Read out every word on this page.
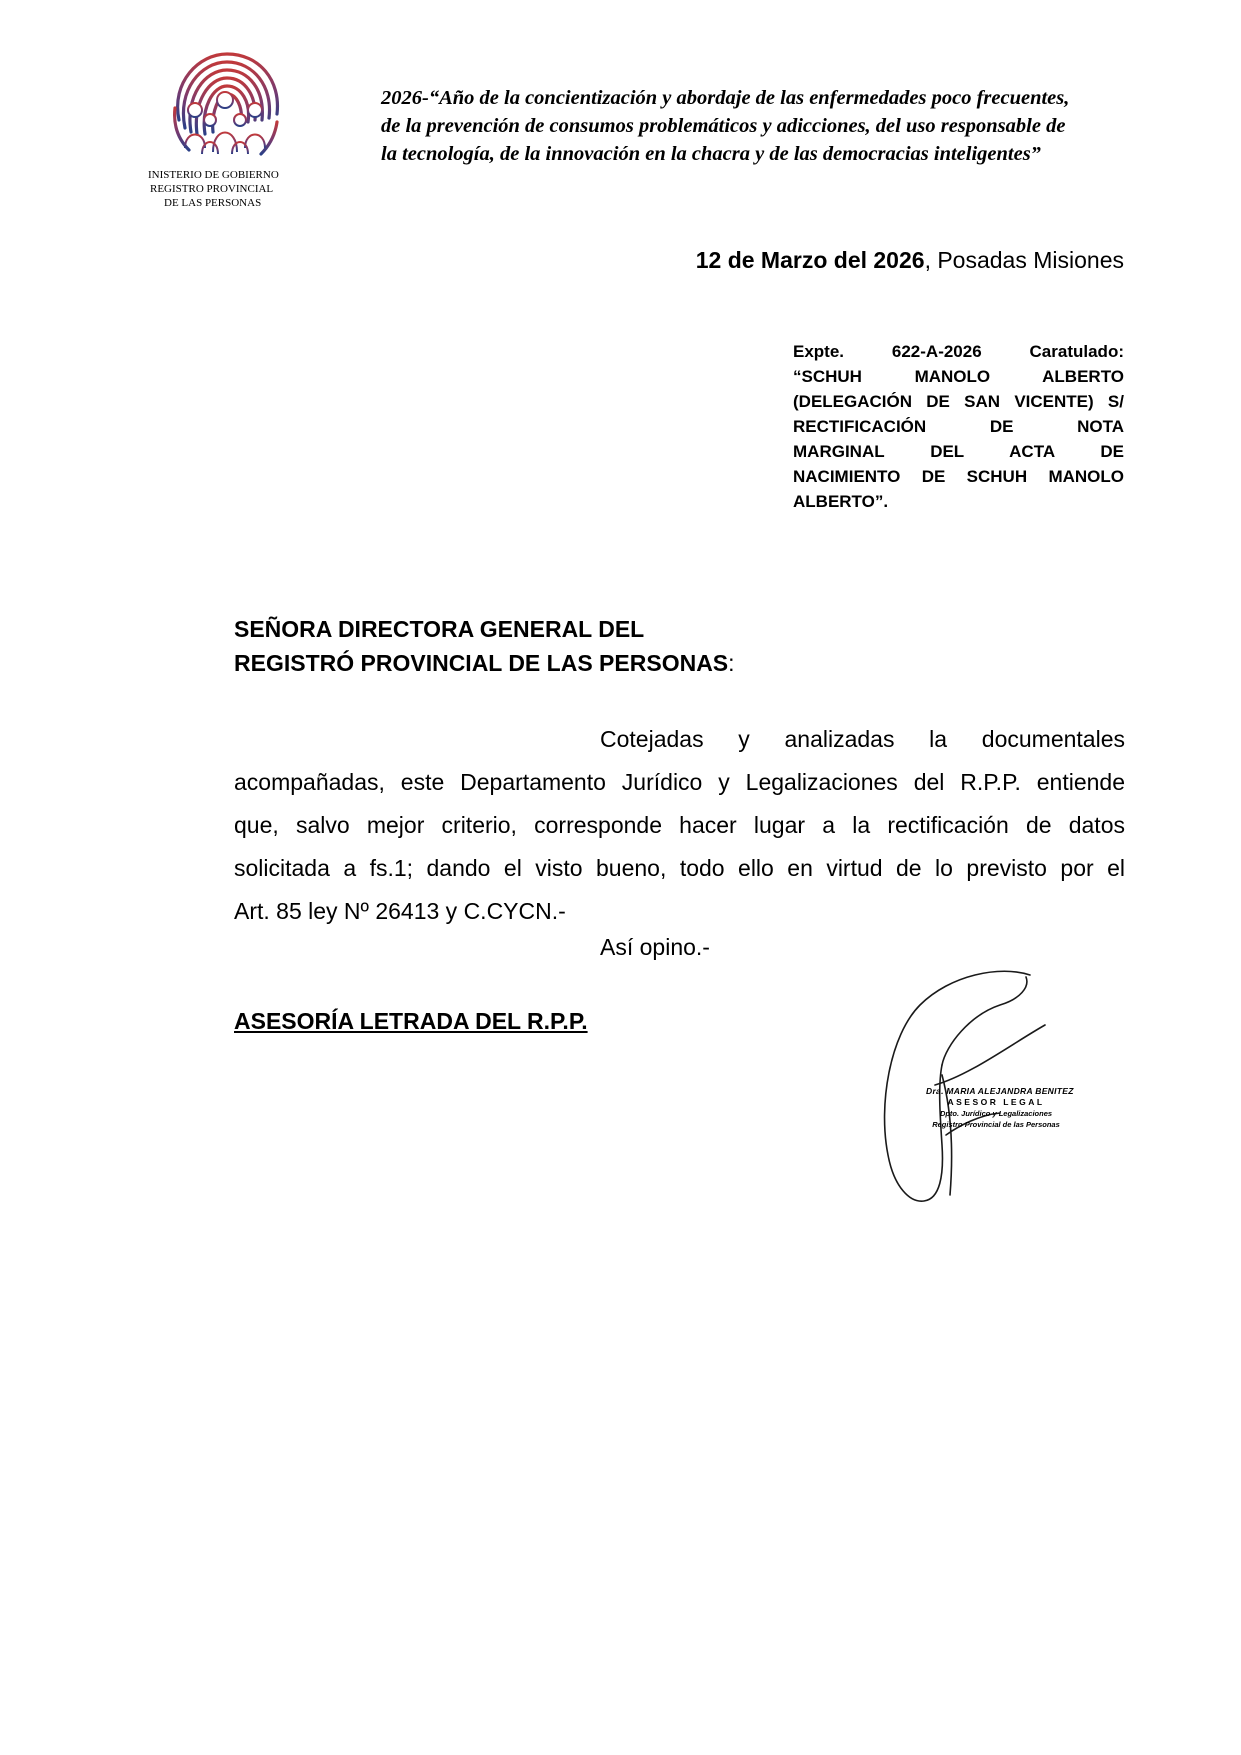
INISTERIO DE GOBIERNO
REGISTRO PROVINCIAL
DE LAS PERSONAS
2026-“Año de la concientización y abordaje de las enfermedades poco frecuentes,
de la prevención de consumos problemáticos y adicciones, del uso responsable de
la tecnología, de la innovación en la chacra y de las democracias inteligentes”
12 de Marzo del 2026, Posadas Misiones
Expte.	622-A-2026	Caratulado:
“SCHUH MANOLO ALBERTO
(DELEGACIÓN DE SAN VICENTE) S/
RECTIFICACIÓN DE NOTA
MARGINAL DEL ACTA DE
NACIMIENTO DE SCHUH MANOLO
ALBERTO”.
SEÑORA DIRECTORA GENERAL DEL
REGISTRÓ PROVINCIAL DE LAS PERSONAS:
Cotejadas y analizadas la documentales
acompañadas, este Departamento Jurídico y Legalizaciones del R.P.P. entiende
que, salvo mejor criterio, corresponde hacer lugar a la rectificación de datos
solicitada a fs.1; dando el visto bueno, todo ello en virtud de lo previsto por el
Art. 85 ley Nº 26413 y C.CYCN.-
Así opino.-
ASESORÍA LETRADA DEL R.P.P.
Dra. MARIA ALEJANDRA BENITEZ
ASESOR LEGAL
Dpto. Jurídico y Legalizaciones
Registro Provincial de las Personas
